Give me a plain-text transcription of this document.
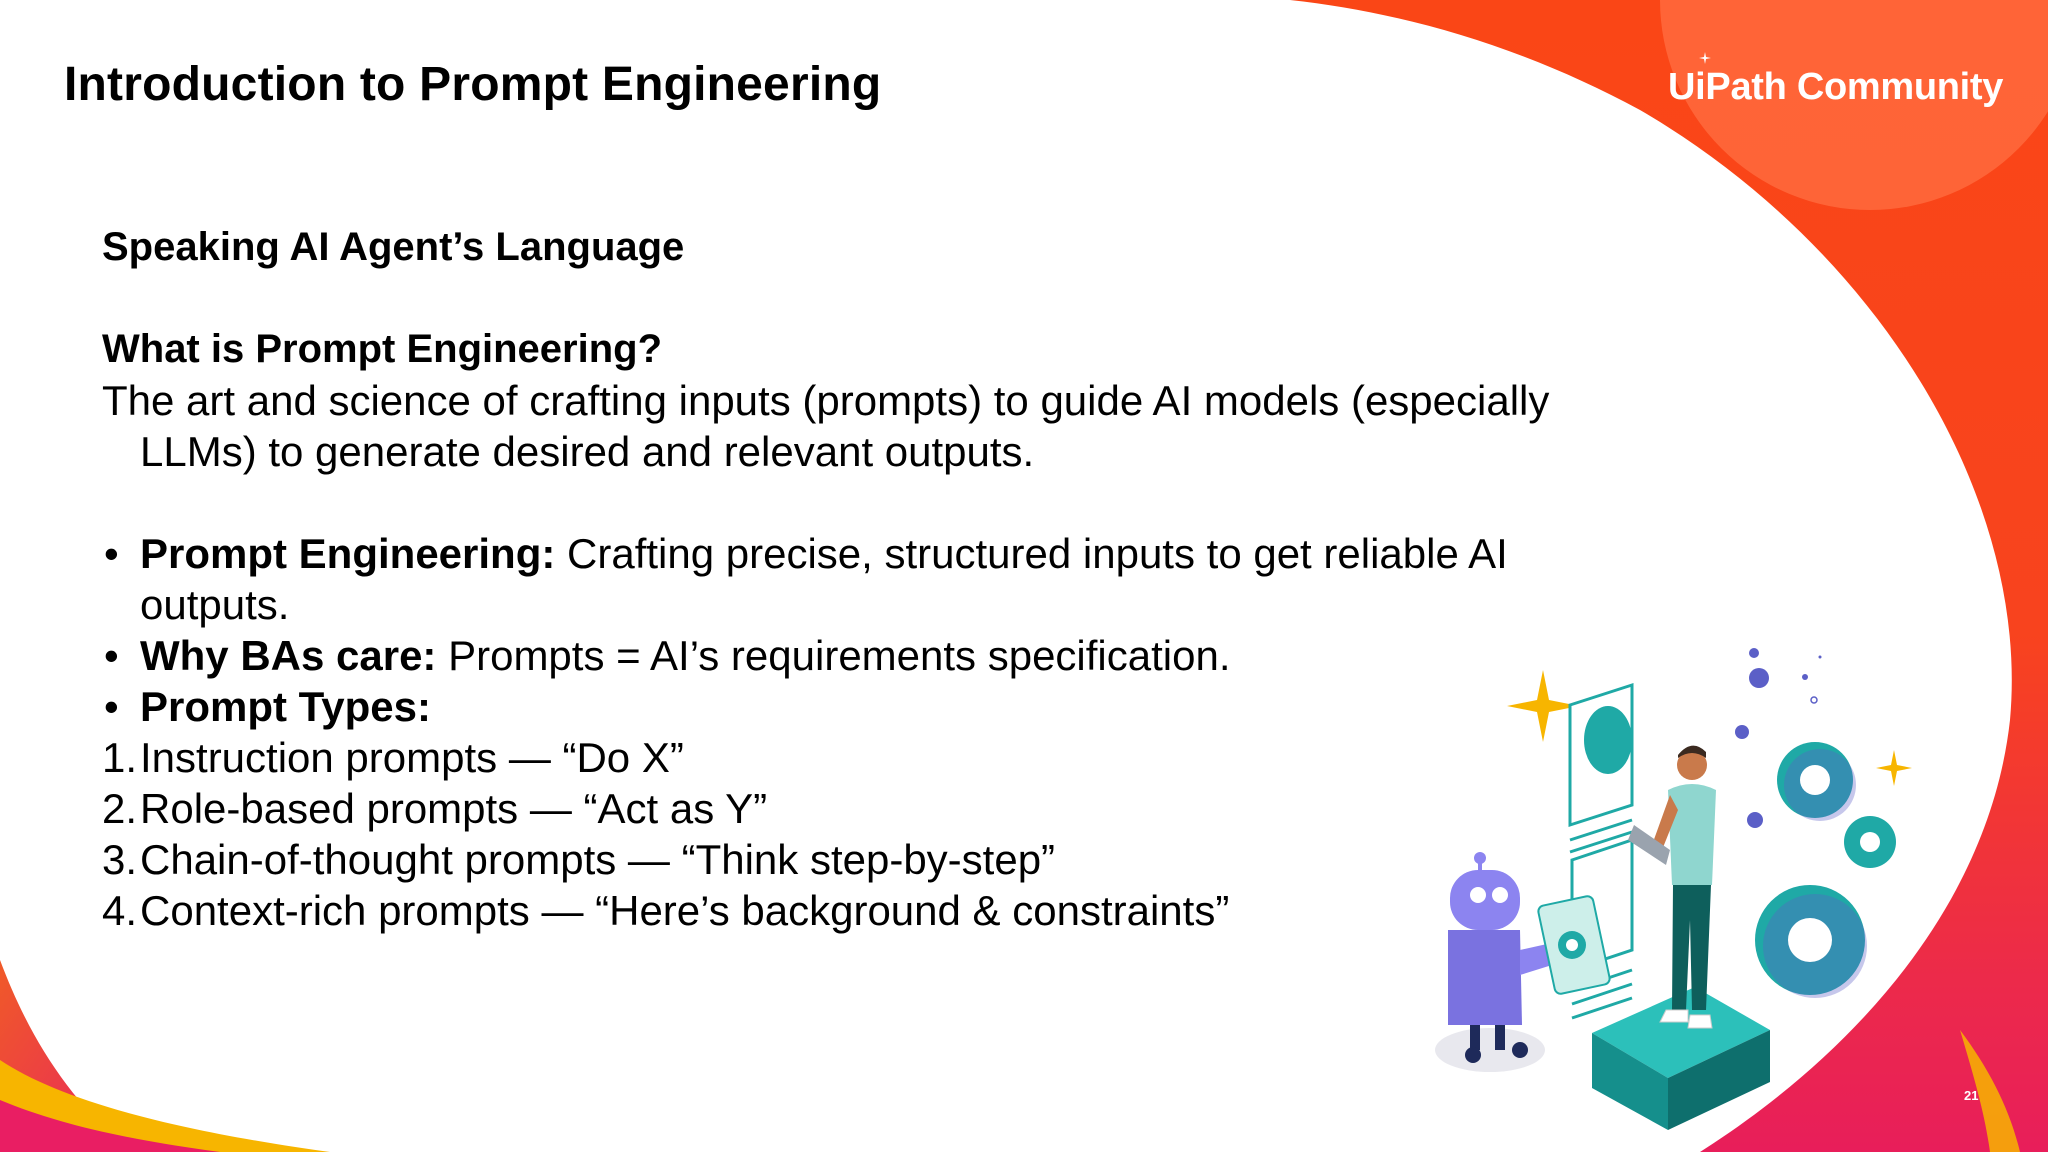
Introduction to Prompt Engineering	UiPath Community

Speaking AI Agent’s Language

What is Prompt Engineering?

The art and science of crafting inputs (prompts) to guide AI models (especially LLMs) to generate desired and relevant outputs.

• Prompt Engineering: Crafting precise, structured inputs to get reliable AI outputs.

• Why BAs care: Prompts = AI’s requirements specification.

• Prompt Types:

1. Instruction prompts — “Do X”

2. Role-based prompts — “Act as Y”

3. Chain-of-thought prompts — “Think step-by-step”

4. Context-rich prompts — “Here’s background & constraints”

21
